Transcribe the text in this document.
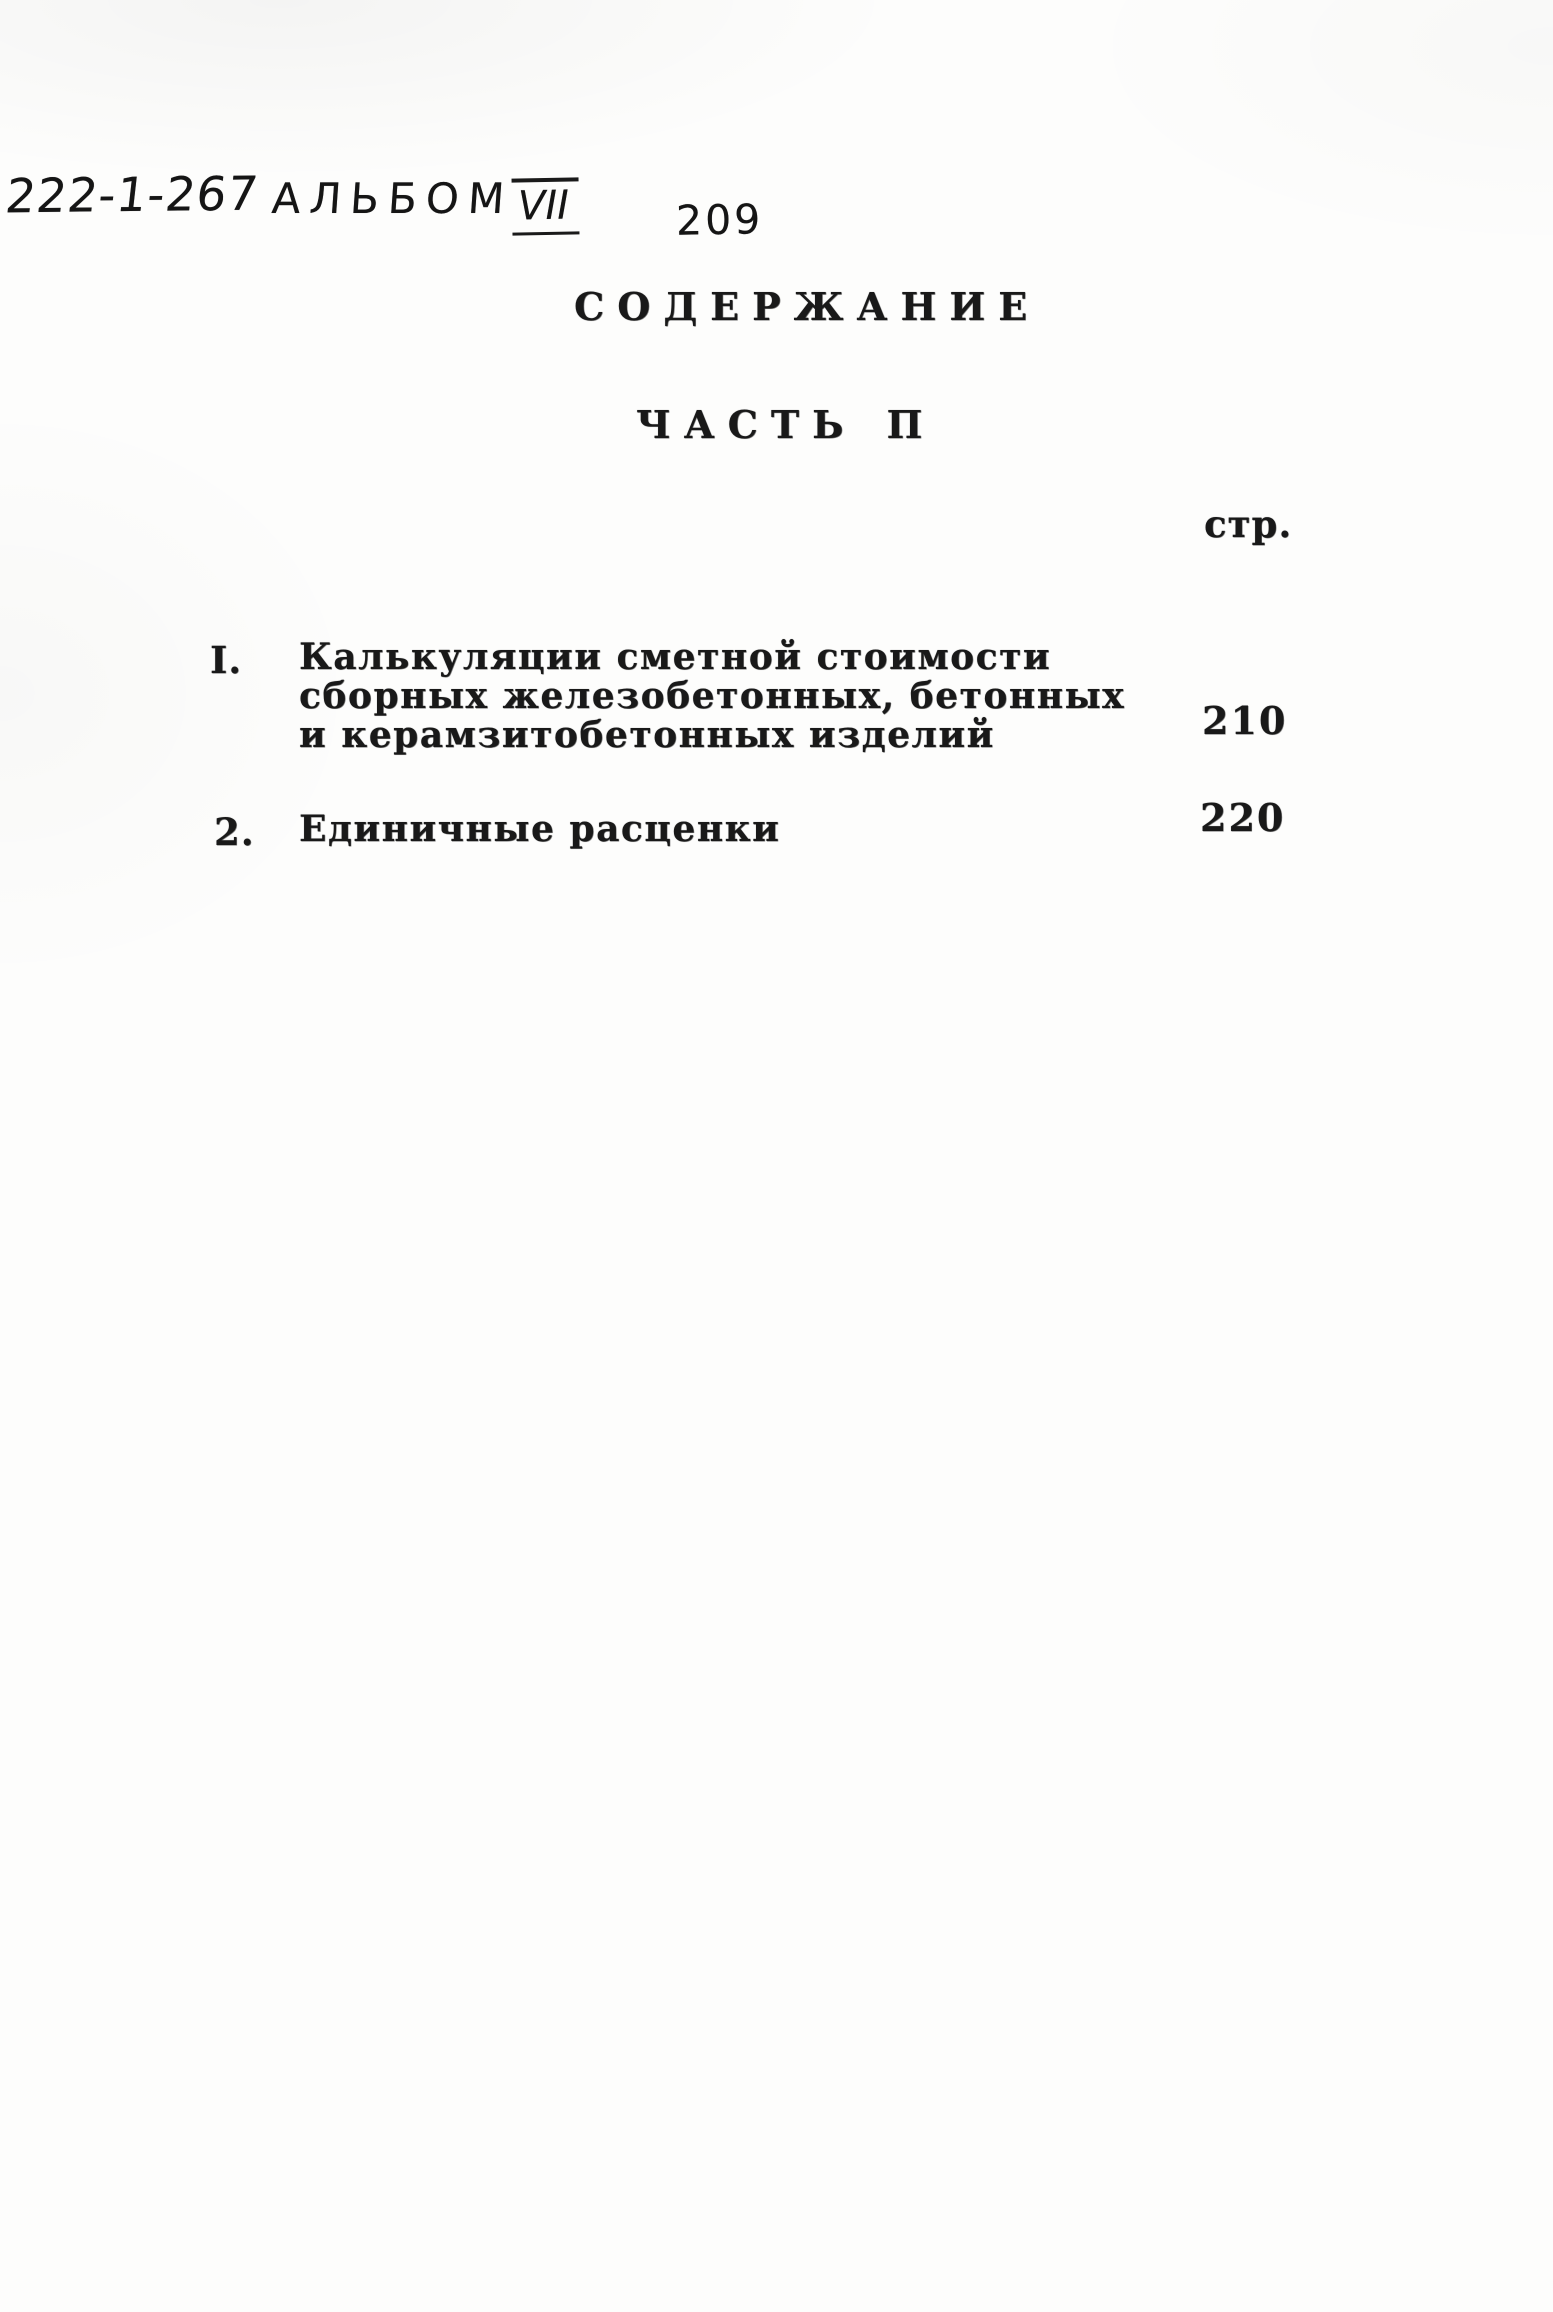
222-1-267 АЛЬБОМ VII	209
СОДЕРЖАНИЕ
ЧАСТЬ П
стр.
I. Калькуляции сметной стоимости
сборных железобетонных, бетонных
и керамзитобетонных изделий	210
2. Единичные расценки	220
